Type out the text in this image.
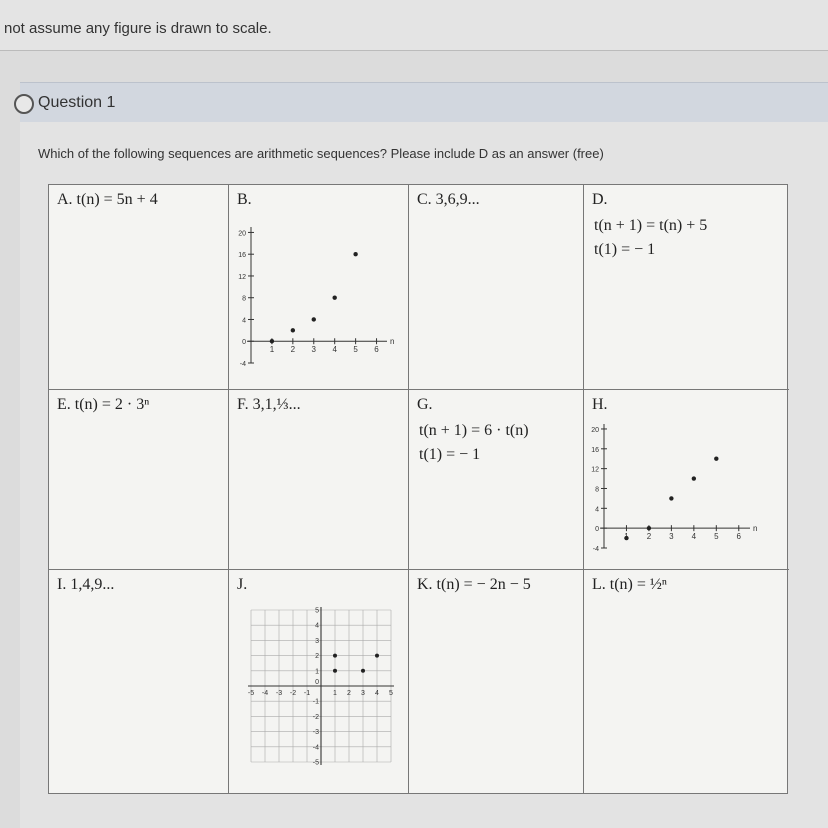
not assume any figure is drawn to scale.
Question 1
Which of the following sequences are arithmetic sequences? Please include D as an answer (free)
A. t(n) = 5n + 4	B.
20
16
12
8
4
0
-4
1 2 3 4 5 6
n
C. 3,6,9...	D.
t(n + 1) = t(n) + 5
t(1) = − 1
E. t(n) = 2 · 3ⁿ	F. 3,1,⅓...	G.
t(n + 1) = 6 · t(n)
t(1) = − 1
H.
20
16
12
8
4
0
-4
2 3 4 5 6
n
I. 1,4,9...	J.
-5 -4 -3 -2 -1	1 2 3 4 5
5
4
3
2
1
-1
-2
-3
-4
-5
0
K. t(n) = − 2n − 5	L. t(n) = ½ⁿ
